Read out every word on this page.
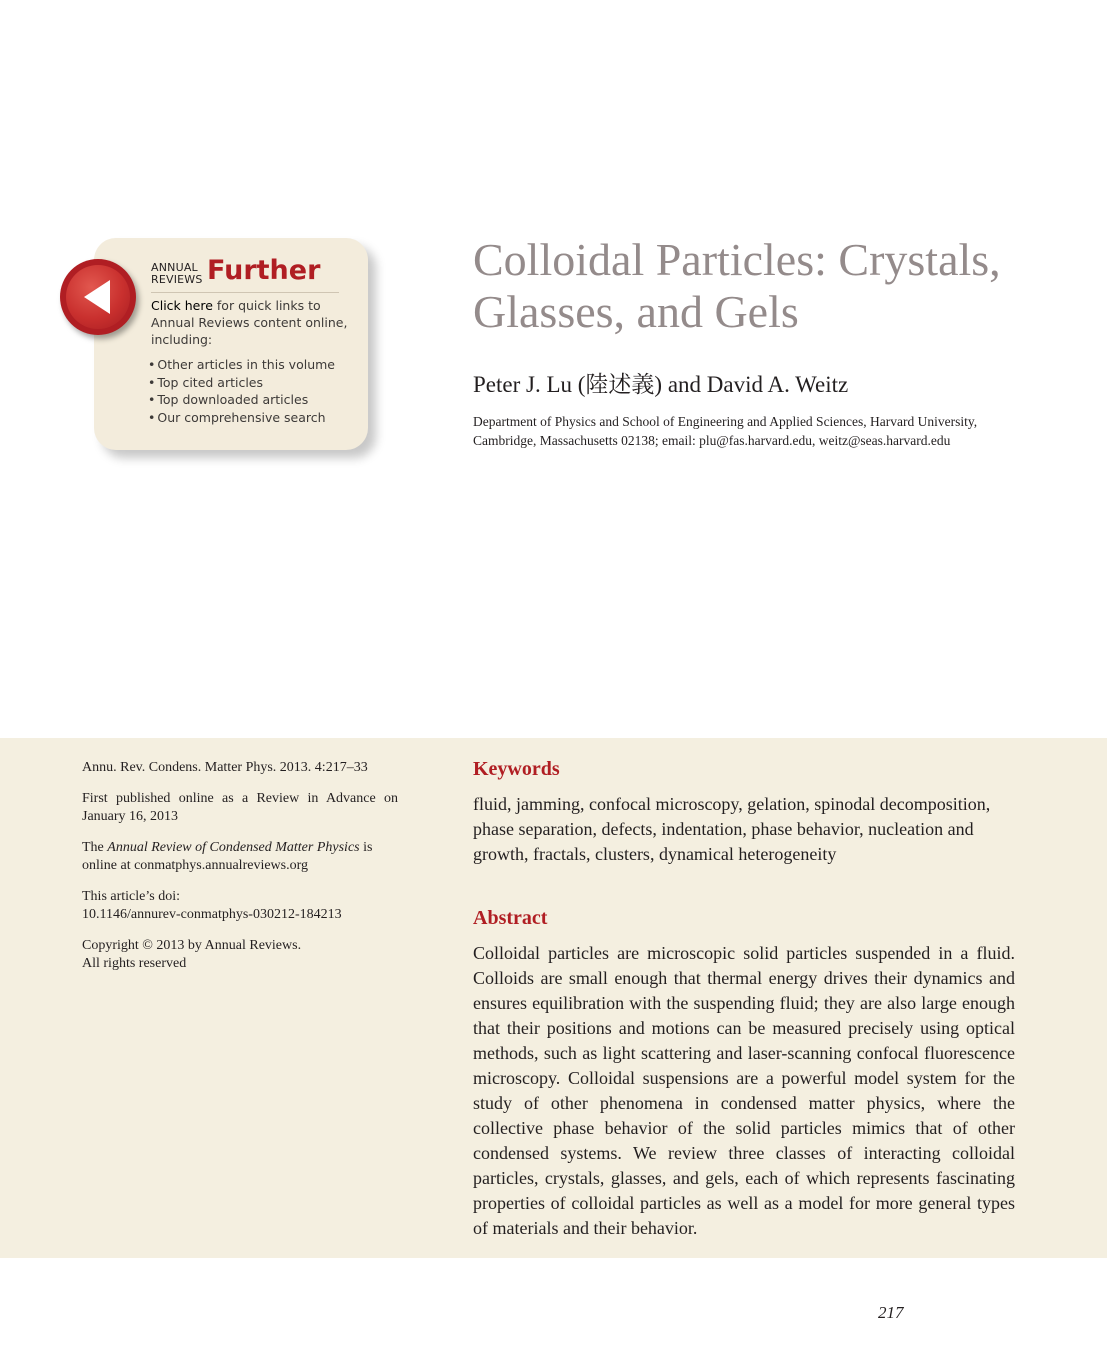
ANNUAL
REVIEWS Further
Click here for quick links to Annual Reviews content online, including:
• Other articles in this volume
• Top cited articles
• Top downloaded articles
• Our comprehensive search
Colloidal Particles: Crystals, Glasses, and Gels
Peter J. Lu (陸述義) and David A. Weitz
Department of Physics and School of Engineering and Applied Sciences, Harvard University, Cambridge, Massachusetts 02138; email: plu@fas.harvard.edu, weitz@seas.harvard.edu

Annu. Rev. Condens. Matter Phys. 2013. 4:217–33

First published online as a Review in Advance on January 16, 2013

The Annual Review of Condensed Matter Physics is online at conmatphys.annualreviews.org

This article’s doi:
10.1146/annurev-conmatphys-030212-184213

Copyright © 2013 by Annual Reviews.
All rights reserved

Keywords

fluid, jamming, confocal microscopy, gelation, spinodal decomposition, phase separation, defects, indentation, phase behavior, nucleation and growth, fractals, clusters, dynamical heterogeneity

Abstract

Colloidal particles are microscopic solid particles suspended in a fluid. Colloids are small enough that thermal energy drives their dynamics and ensures equilibration with the suspending fluid; they are also large enough that their positions and motions can be measured precisely using optical methods, such as light scattering and laser-scanning confocal fluorescence microscopy. Colloidal suspensions are a powerful model system for the study of other phenomena in condensed matter physics, where the collective phase behavior of the solid particles mimics that of other condensed systems. We review three classes of interacting colloidal particles, crystals, glasses, and gels, each of which represents fascinating properties of colloidal particles as well as a model for more general types of materials and their behavior.

217
